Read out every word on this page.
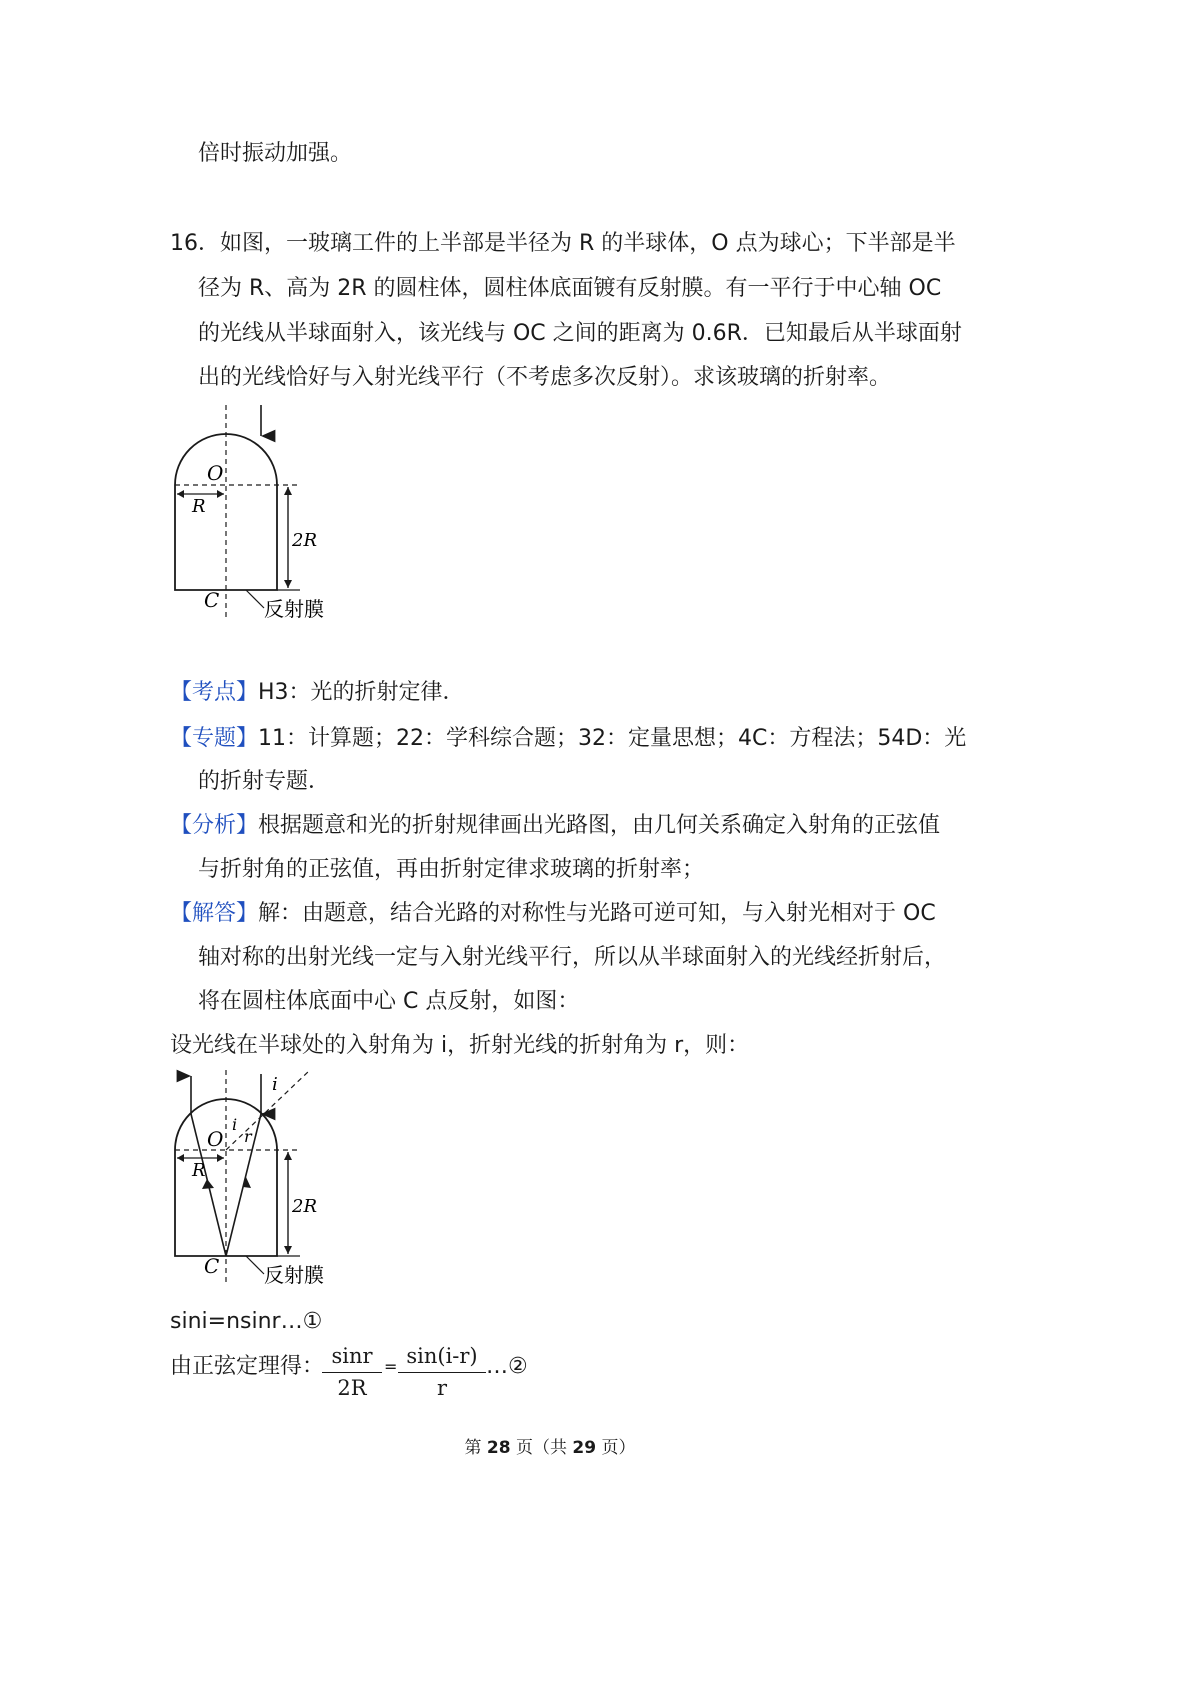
倍时振动加强。
16．如图，一玻璃工件的上半部是半径为 R 的半球体，O 点为球心；下半部是半
径为 R、高为 2R 的圆柱体，圆柱体底面镀有反射膜。有一平行于中心轴 OC
的光线从半球面射入，该光线与 OC 之间的距离为 0.6R．已知最后从半球面射
出的光线恰好与入射光线平行（不考虑多次反射）。求该玻璃的折射率。
O
R
2R
C 反射膜
【考点】H3：光的折射定律．
【专题】11：计算题；22：学科综合题；32：定量思想；4C：方程法；54D：光
的折射专题．
【分析】根据题意和光的折射规律画出光路图，由几何关系确定入射角的正弦值
与折射角的正弦值，再由折射定律求玻璃的折射率；
【解答】解：由题意，结合光路的对称性与光路可逆可知，与入射光相对于 OC
轴对称的出射光线一定与入射光线平行，所以从半球面射入的光线经折射后，
将在圆柱体底面中心 C 点反射，如图：
设光线在半球处的入射角为 i，折射光线的折射角为 r，则：
i
i
r
O
R
2R
C 反射膜
sini=nsinr…①
由正弦定理得： sinr
2R
= sin(i-r)
r
…②
第 28 页（共 29 页）
